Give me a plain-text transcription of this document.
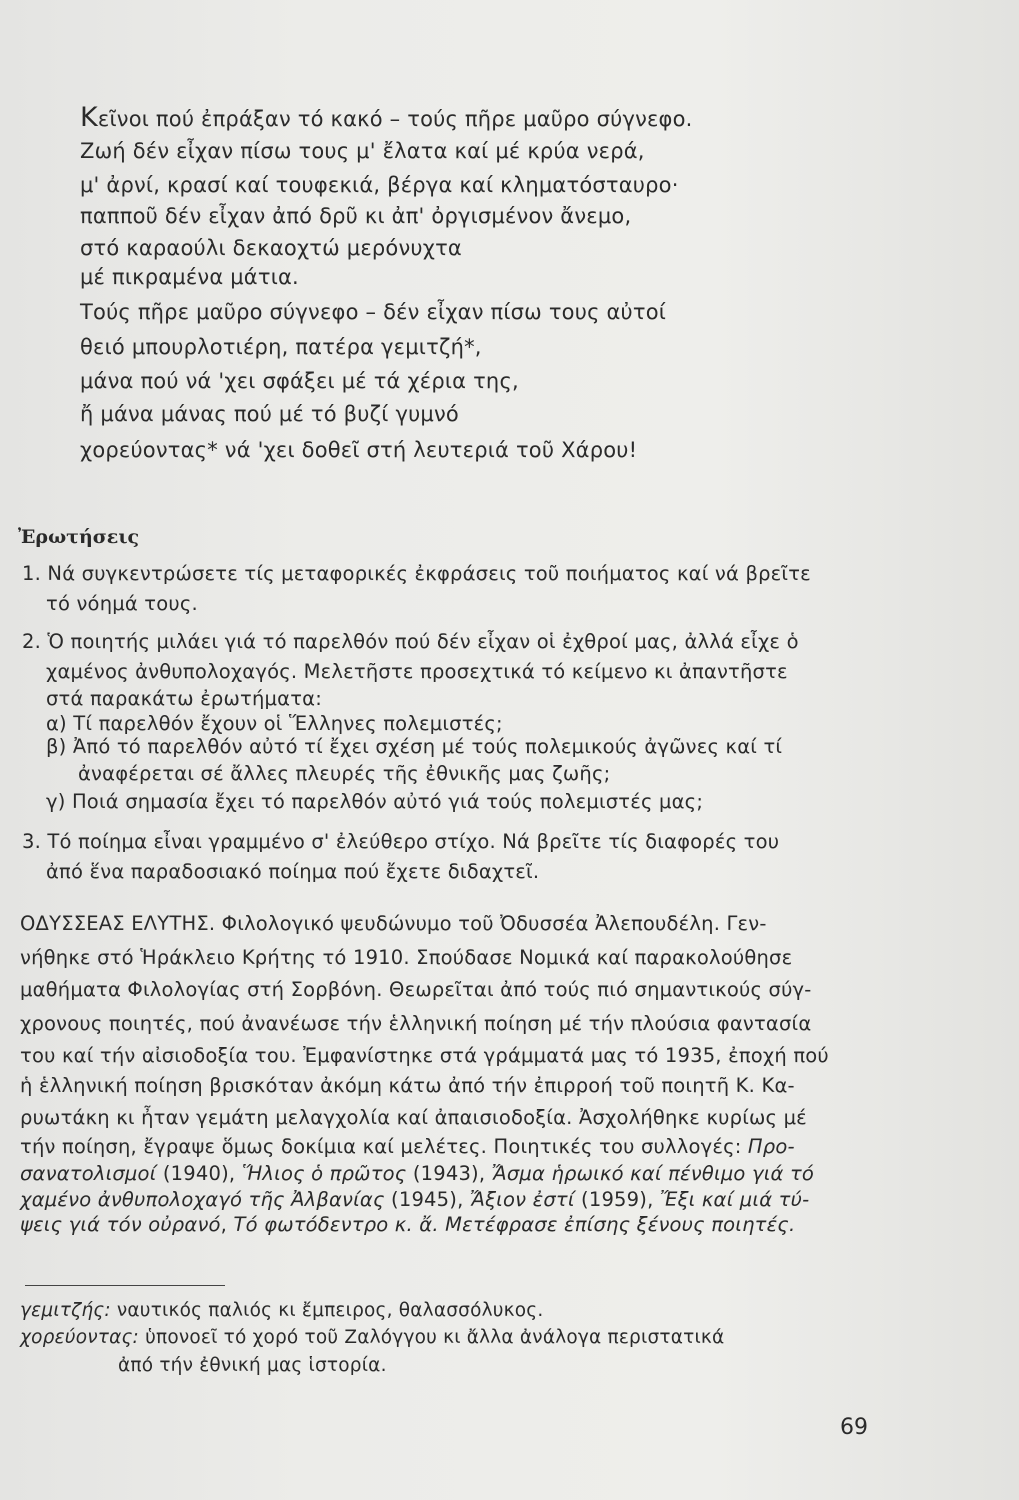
Κεῖνοι πού ἐπράξαν τό κακό – τούς πῆρε μαῦρο σύγνεφο.
Ζωή δέν εἶχαν πίσω τους μ' ἔλατα καί μέ κρύα νερά,
μ' ἀρνί, κρασί καί τουφεκιά, βέργα καί κληματόσταυρο·
παπποῦ δέν εἶχαν ἀπό δρῦ κι ἀπ' ὀργισμένον ἄνεμο,
στό καραούλι δεκαοχτώ μερόνυχτα
μέ πικραμένα μάτια.
Τούς πῆρε μαῦρο σύγνεφο – δέν εἶχαν πίσω τους αὐτοί
θειό μπουρλοτιέρη, πατέρα γεμιτζή*,
μάνα πού νά 'χει σφάξει μέ τά χέρια της,
ἤ μάνα μάνας πού μέ τό βυζί γυμνό
χορεύοντας* νά 'χει δοθεῖ στή λευτεριά τοῦ Χάρου!
Ἐρωτήσεις
1. Νά συγκεντρώσετε τίς μεταφορικές ἐκφράσεις τοῦ ποιήματος καί νά βρεῖτε
τό νόημά τους.
2. Ὁ ποιητής μιλάει γιά τό παρελθόν πού δέν εἶχαν οἱ ἐχθροί μας, ἀλλά εἶχε ὁ
χαμένος ἀνθυπολοχαγός. Μελετῆστε προσεχτικά τό κείμενο κι ἀπαντῆστε
στά παρακάτω ἐρωτήματα:
α) Τί παρελθόν ἔχουν οἱ Ἕλληνες πολεμιστές;
β) Ἀπό τό παρελθόν αὐτό τί ἔχει σχέση μέ τούς πολεμικούς ἀγῶνες καί τί
ἀναφέρεται σέ ἄλλες πλευρές τῆς ἐθνικῆς μας ζωῆς;
γ) Ποιά σημασία ἔχει τό παρελθόν αὐτό γιά τούς πολεμιστές μας;
3. Τό ποίημα εἶναι γραμμένο σ' ἐλεύθερο στίχο. Νά βρεῖτε τίς διαφορές του
ἀπό ἕνα παραδοσιακό ποίημα πού ἔχετε διδαχτεῖ.
ΟΔΥΣΣΕΑΣ ΕΛΥΤΗΣ. Φιλολογικό ψευδώνυμο τοῦ Ὀδυσσέα Ἀλεπουδέλη. Γεν-
νήθηκε στό Ἡράκλειο Κρήτης τό 1910. Σπούδασε Νομικά καί παρακολούθησε
μαθήματα Φιλολογίας στή Σορβόνη. Θεωρεῖται ἀπό τούς πιό σημαντικούς σύγ-
χρονους ποιητές, πού ἀνανέωσε τήν ἑλληνική ποίηση μέ τήν πλούσια φαντασία
του καί τήν αἰσιοδοξία του. Ἐμφανίστηκε στά γράμματά μας τό 1935, ἐποχή πού
ἡ ἑλληνική ποίηση βρισκόταν ἀκόμη κάτω ἀπό τήν ἐπιρροή τοῦ ποιητῆ Κ. Κα-
ρυωτάκη κι ἦταν γεμάτη μελαγχολία καί ἀπαισιοδοξία. Ἀσχολήθηκε κυρίως μέ
τήν ποίηση, ἔγραψε ὅμως δοκίμια καί μελέτες. Ποιητικές του συλλογές: Προ-
σανατολισμοί (1940), Ἥλιος ὁ πρῶτος (1943), Ἄσμα ἡρωικό καί πένθιμο γιά τό
χαμένο ἀνθυπολοχαγό τῆς Ἀλβανίας (1945), Ἄξιον ἐστί (1959), Ἔξι καί μιά τύ-
ψεις γιά τόν οὐρανό, Τό φωτόδεντρο κ. ἄ. Μετέφρασε ἐπίσης ξένους ποιητές.
γεμιτζής: ναυτικός παλιός κι ἔμπειρος, θαλασσόλυκος.
χορεύοντας: ὑπονοεῖ τό χορό τοῦ Ζαλόγγου κι ἄλλα ἀνάλογα περιστατικά
ἀπό τήν ἐθνική μας ἱστορία.
69
